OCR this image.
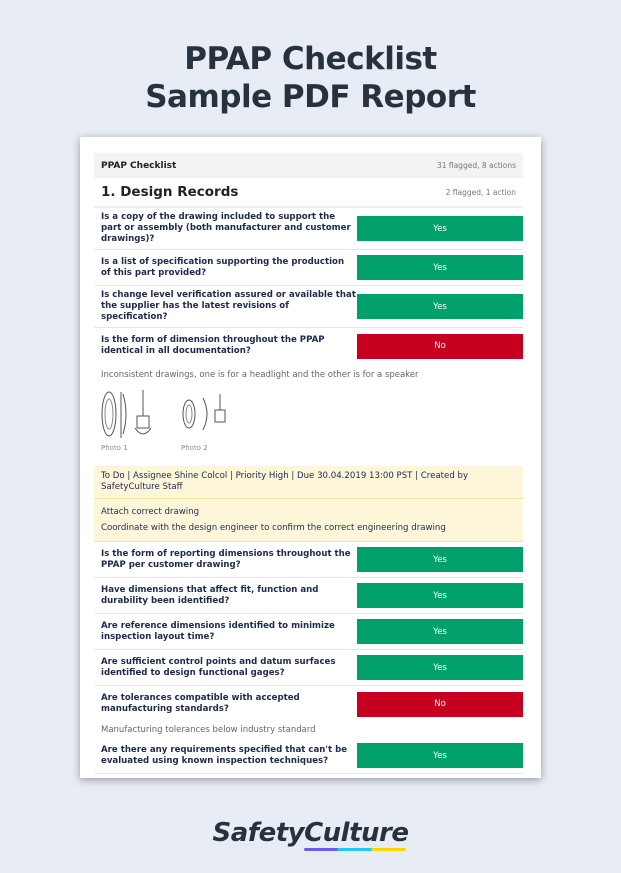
PPAP Checklist
Sample PDF Report
PPAP Checklist	31 flagged, 8 actions
1. Design Records	2 flagged, 1 action
Is a copy of the drawing included to support the part or assembly (both manufacturer and customer drawings)?
Yes
Is a list of specification supporting the production of this part provided?	Yes
Is change level verification assured or available that the supplier has the latest revisions of specification?
Yes
Is the form of dimension throughout the PPAP identical in all documentation?	No
Inconsistent drawings, one is for a headlight and the other is for a speaker
Photo 1	Photo 2
To Do | Assignee Shine Colcol | Priority High | Due 30.04.2019 13:00 PST | Created by SafetyCulture Staff
Attach correct drawing
Coordinate with the design engineer to confirm the correct engineering drawing
Is the form of reporting dimensions throughout the PPAP per customer drawing?	Yes
Have dimensions that affect fit, function and durability been identified?	Yes
Are reference dimensions identified to minimize inspection layout time?	Yes
Are sufficient control points and datum surfaces identified to design functional gages?	Yes
Are tolerances compatible with accepted manufacturing standards?	No
Manufacturing tolerances below industry standard
Are there any requirements specified that can't be evaluated using known inspection techniques?	Yes
SafetyCulture
